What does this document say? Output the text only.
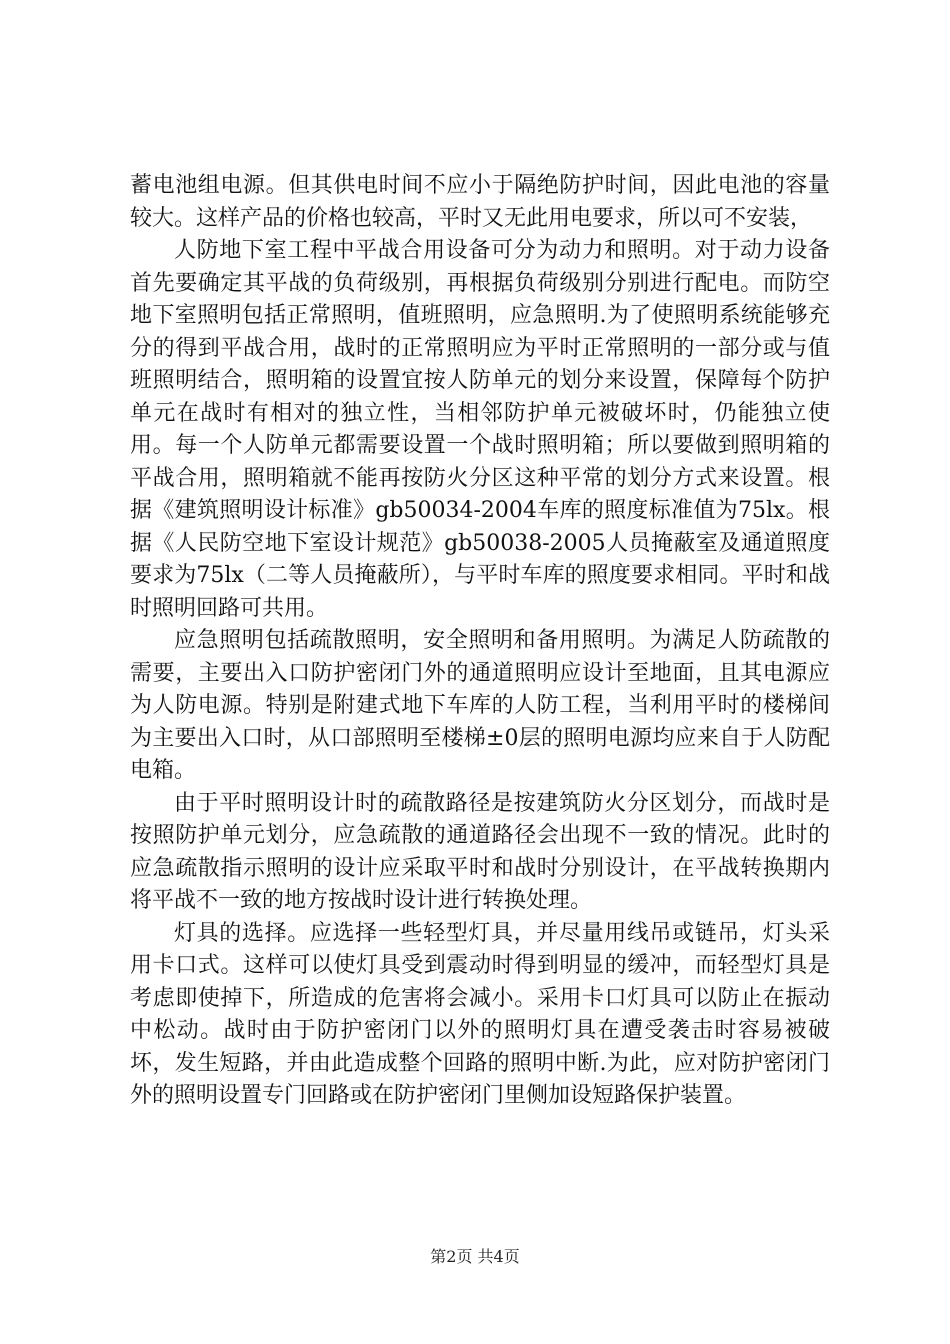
蓄电池组电源。但其供电时间不应小于隔绝防护时间，因此电池的容量较大。这样产品的价格也较高，平时又无此用电要求，所以可不安装，

人防地下室工程中平战合用设备可分为动力和照明。对于动力设备首先要确定其平战的负荷级别，再根据负荷级别分别进行配电。而防空地下室照明包括正常照明，值班照明，应急照明.为了使照明系统能够充分的得到平战合用，战时的正常照明应为平时正常照明的一部分或与值班照明结合，照明箱的设置宜按人防单元的划分来设置，保障每个防护单元在战时有相对的独立性，当相邻防护单元被破坏时，仍能独立使用。每一个人防单元都需要设置一个战时照明箱；所以要做到照明箱的平战合用，照明箱就不能再按防火分区这种平常的划分方式来设置。根据《建筑照明设计标准》gb50034-2004车库的照度标准值为75lx。根据《人民防空地下室设计规范》gb50038-2005人员掩蔽室及通道照度要求为75lx（二等人员掩蔽所），与平时车库的照度要求相同。平时和战时照明回路可共用。

应急照明包括疏散照明，安全照明和备用照明。为满足人防疏散的需要，主要出入口防护密闭门外的通道照明应设计至地面，且其电源应为人防电源。特别是附建式地下车库的人防工程，当利用平时的楼梯间为主要出入口时，从口部照明至楼梯±0层的照明电源均应来自于人防配电箱。

由于平时照明设计时的疏散路径是按建筑防火分区划分，而战时是按照防护单元划分，应急疏散的通道路径会出现不一致的情况。此时的应急疏散指示照明的设计应采取平时和战时分别设计，在平战转换期内将平战不一致的地方按战时设计进行转换处理。

灯具的选择。应选择一些轻型灯具，并尽量用线吊或链吊，灯头采用卡口式。这样可以使灯具受到震动时得到明显的缓冲，而轻型灯具是考虑即使掉下，所造成的危害将会减小。采用卡口灯具可以防止在振动中松动。战时由于防护密闭门以外的照明灯具在遭受袭击时容易被破坏，发生短路，并由此造成整个回路的照明中断.为此，应对防护密闭门外的照明设置专门回路或在防护密闭门里侧加设短路保护装置。

第2页 共4页
